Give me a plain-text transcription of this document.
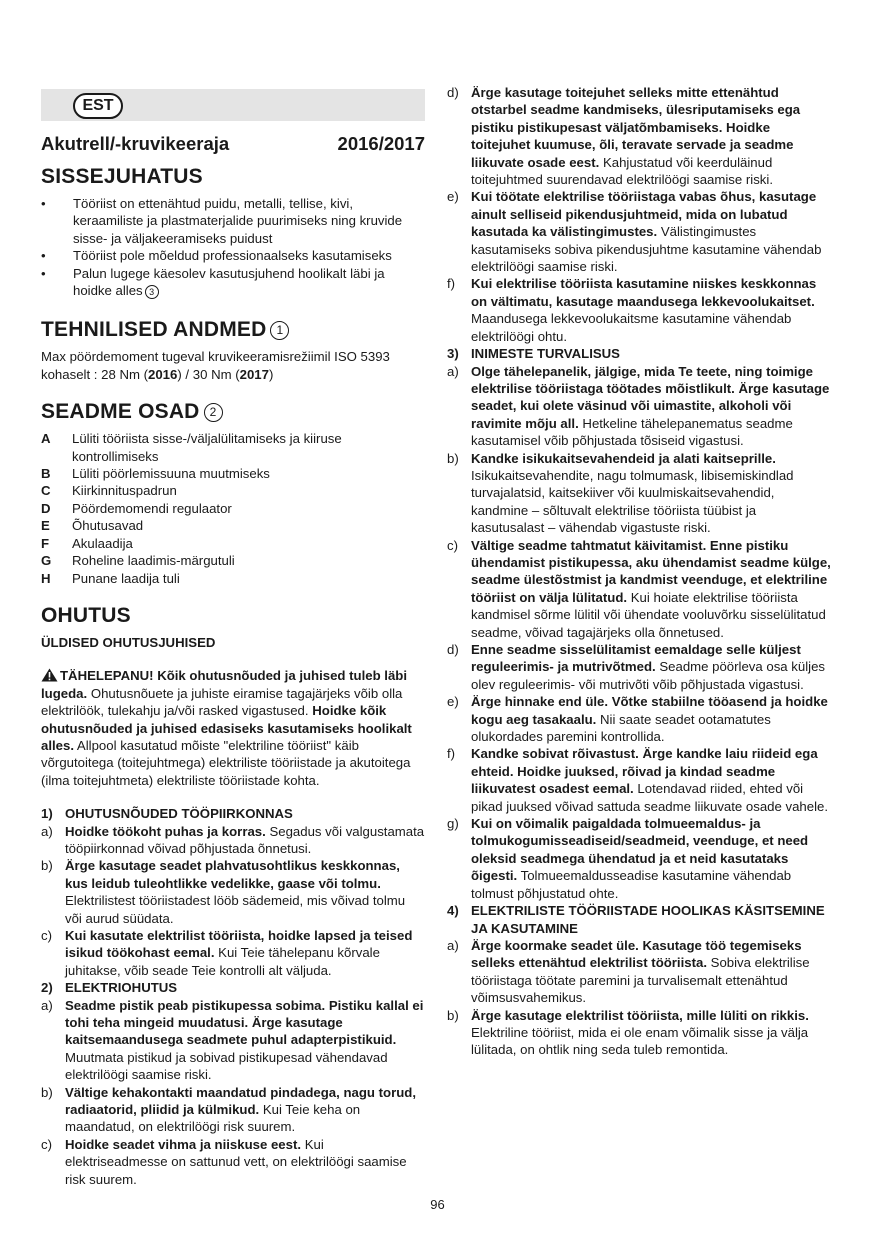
EST
Akutrell/-kruvikeeraja	2016/2017
SISSEJUHATUS
• Tööriist on ettenähtud puidu, metalli, tellise, kivi, keraamiliste ja plastmaterjalide puurimiseks ning kruvide sisse- ja väljakeeramiseks puidust
• Tööriist pole mõeldud professionaalseks kasutamiseks
• Palun lugege käesolev kasutusjuhend hoolikalt läbi ja hoidke alles 3
TEHNILISED ANDMED 1

Max pöördemoment tugeval kruvikeeramisrežiimil ISO 5393 kohaselt : 28 Nm (2016) / 30 Nm (2017)

SEADME OSAD 2
A	Lüliti tööriista sisse-/väljalülitamiseks ja kiiruse kontrollimiseks
B	Lüliti pöörlemissuuna muutmiseks
C	Kiirkinnituspadrun
D	Pöördemomendi regulaator
E	Õhutusavad
F	Akulaadija
G	Roheline laadimis-märgutuli
H	Punane laadija tuli
OHUTUS
ÜLDISED OHUTUSJUHISED

TÄHELEPANU! Kõik ohutusnõuded ja juhised tuleb läbi lugeda. Ohutusnõuete ja juhiste eiramise tagajärjeks võib olla elektrilöök, tulekahju ja/või rasked vigastused. Hoidke kõik ohutusnõuded ja juhised edasiseks kasutamiseks hoolikalt alles. Allpool kasutatud mõiste "elektriline tööriist" käib võrgutoitega (toitejuhtmega) elektriliste tööriistade ja akutoitega (ilma toitejuhtmeta) elektriliste tööriistade kohta.

1) OHUTUSNÕUDED TÖÖPIIRKONNAS
a) Hoidke töökoht puhas ja korras. Segadus või valgustamata tööpiirkonnad võivad põhjustada õnnetusi.
b) Ärge kasutage seadet plahvatusohtlikus keskkonnas, kus leidub tuleohtlikke vedelikke, gaase või tolmu. Elektrilistest tööriistadest lööb sädemeid, mis võivad tolmu või aurud süüdata.
c) Kui kasutate elektrilist tööriista, hoidke lapsed ja teised isikud töökohast eemal. Kui Teie tähelepanu kõrvale juhitakse, võib seade Teie kontrolli alt väljuda.
2) ELEKTRIOHUTUS
a) Seadme pistik peab pistikupessa sobima. Pistiku kallal ei tohi teha mingeid muudatusi. Ärge kasutage kaitsemaandusega seadmete puhul adapterpistikuid. Muutmata pistikud ja sobivad pistikupesad vähendavad elektrilöögi saamise riski.
b) Vältige kehakontakti maandatud pindadega, nagu torud, radiaatorid, pliidid ja külmikud. Kui Teie keha on maandatud, on elektrilöögi risk suurem.
c) Hoidke seadet vihma ja niiskuse eest. Kui elektriseadmesse on sattunud vett, on elektrilöögi saamise risk suurem.
d) Ärge kasutage toitejuhet selleks mitte ettenähtud otstarbel seadme kandmiseks, ülesriputamiseks ega pistiku pistikupesast väljatõmbamiseks. Hoidke toitejuhet kuumuse, õli, teravate servade ja seadme liikuvate osade eest. Kahjustatud või keerduläinud toitejuhtmed suurendavad elektrilöögi saamise riski.
e) Kui töötate elektrilise tööriistaga vabas õhus, kasutage ainult selliseid pikendusjuhtmeid, mida on lubatud kasutada ka välistingimustes. Välistingimustes kasutamiseks sobiva pikendusjuhtme kasutamine vähendab elektrilöögi saamise riski.
f)	Kui elektrilise tööriista kasutamine niiskes keskkonnas on vältimatu, kasutage maandusega lekkevoolukaitset. Maandusega lekkevoolukaitsme kasutamine vähendab elektrilöögi ohtu.
3) INIMESTE TURVALISUS
a) Olge tähelepanelik, jälgige, mida Te teete, ning toimige elektrilise tööriistaga töötades mõistlikult. Ärge kasutage seadet, kui olete väsinud või uimastite, alkoholi või ravimite mõju all. Hetkeline tähelepanematus seadme kasutamisel võib põhjustada tõsiseid vigastusi.
b) Kandke isikukaitsevahendeid ja alati kaitseprille. Isikukaitsevahendite, nagu tolmumask, libisemiskindlad turvajalatsid, kaitsekiiver või kuulmiskaitsevahendid, kandmine – sõltuvalt elektrilise tööriista tüübist ja kasutusalast – vähendab vigastuste riski.
c) Vältige seadme tahtmatut käivitamist. Enne pistiku ühendamist pistikupessa, aku ühendamist seadme külge, seadme ülestõstmist ja kandmist veenduge, et elektriline tööriist on välja lülitatud. Kui hoiate elektrilise tööriista kandmisel sõrme lülitil või ühendate vooluvõrku sisselülitatud seadme, võivad tagajärjeks olla õnnetused.
d) Enne seadme sisselülitamist eemaldage selle küljest reguleerimis- ja mutrivõtmed. Seadme pöörleva osa küljes olev reguleerimis- või mutrivõti võib põhjustada vigastusi.
e) Ärge hinnake end üle. Võtke stabiilne tööasend ja hoidke kogu aeg tasakaalu. Nii saate seadet ootamatutes olukordades paremini kontrollida.
f)	Kandke sobivat rõivastust. Ärge kandke laiu riideid ega ehteid. Hoidke juuksed, rõivad ja kindad seadme liikuvatest osadest eemal. Lotendavad riided, ehted või pikad juuksed võivad sattuda seadme liikuvate osade vahele.
g) Kui on võimalik paigaldada tolmueemaldus- ja tolmukogumisseadiseid/seadmeid, veenduge, et need oleksid seadmega ühendatud ja et neid kasutataks õigesti. Tolmueemaldusseadise kasutamine vähendab tolmust põhjustatud ohte.
4) ELEKTRILISTE TÖÖRIISTADE HOOLIKAS KÄSITSEMINE JA KASUTAMINE
a) Ärge koormake seadet üle. Kasutage töö tegemiseks selleks ettenähtud elektrilist tööriista. Sobiva elektrilise tööriistaga töötate paremini ja turvalisemalt ettenähtud võimsusvahemikus.
b) Ärge kasutage elektrilist tööriista, mille lüliti on rikkis. Elektriline tööriist, mida ei ole enam võimalik sisse ja välja lülitada, on ohtlik ning seda tuleb remontida.
96
